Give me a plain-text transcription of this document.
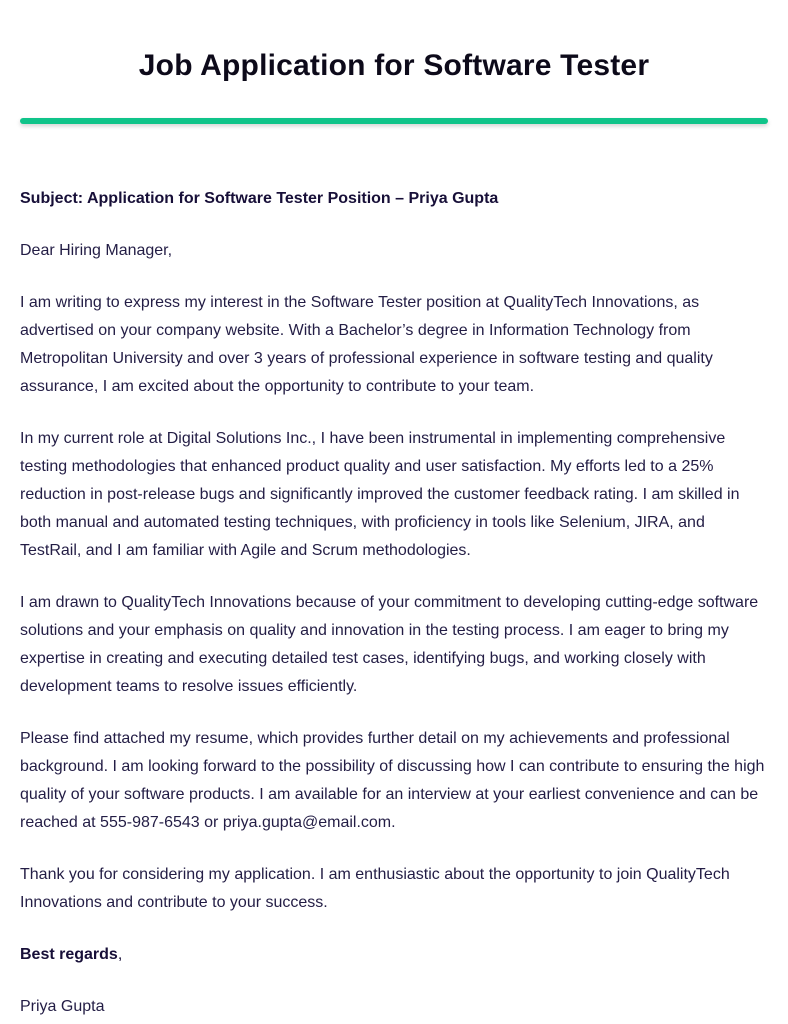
Job Application for Software Tester

Subject: Application for Software Tester Position – Priya Gupta

Dear Hiring Manager,

I am writing to express my interest in the Software Tester position at QualityTech Innovations, as advertised on your company website. With a Bachelor’s degree in Information Technology from Metropolitan University and over 3 years of professional experience in software testing and quality assurance, I am excited about the opportunity to contribute to your team.

In my current role at Digital Solutions Inc., I have been instrumental in implementing comprehensive testing methodologies that enhanced product quality and user satisfaction. My efforts led to a 25% reduction in post-release bugs and significantly improved the customer feedback rating. I am skilled in both manual and automated testing techniques, with proficiency in tools like Selenium, JIRA, and TestRail, and I am familiar with Agile and Scrum methodologies.

I am drawn to QualityTech Innovations because of your commitment to developing cutting-edge software solutions and your emphasis on quality and innovation in the testing process. I am eager to bring my expertise in creating and executing detailed test cases, identifying bugs, and working closely with development teams to resolve issues efficiently.

Please find attached my resume, which provides further detail on my achievements and professional background. I am looking forward to the possibility of discussing how I can contribute to ensuring the high quality of your software products. I am available for an interview at your earliest convenience and can be reached at 555-987-6543 or priya.gupta@email.com.

Thank you for considering my application. I am enthusiastic about the opportunity to join QualityTech Innovations and contribute to your success.

Best regards,

Priya Gupta
